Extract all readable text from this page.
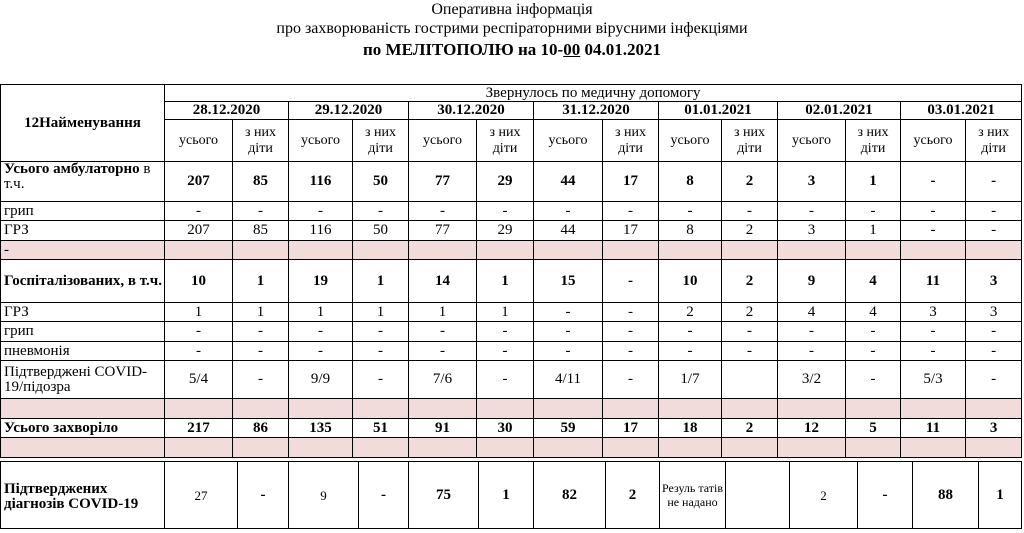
Оперативна інформація
про захворюваність гострими респіраторними вірусними інфекціями
по МЕЛІТОПОЛЮ на 10-00 04.01.2021
12Найменування	Звернулось по медичну допомогу													
	28.12.2020		29.12.2020		30.12.2020		31.12.2020		01.01.2021		02.01.2021		03.01.2021	
	усього	з них діти	усього	з них діти	усього	з них діти	усього	з них діти	усього	з них діти	усього	з них діти	усього	з них діти
Усього амбулаторно в т.ч.	207	85	116	50	77	29	44	17	8	2	3	1	-	-
грип	-	-	-	-	-	-	-	-	-	-	-	-	-	-
ГРЗ	207	85	116	50	77	29	44	17	8	2	3	1	-	-
-														
Госпіталізованих, в т.ч.	10	1	19	1	14	1	15	-	10	2	9	4	11	3
ГРЗ	1	1	1	1	1	1	-	-	2	2	4	4	3	3
грип	-	-	-	-	-	-	-	-	-	-	-	-	-	-
пневмонія	-	-	-	-	-	-	-	-	-	-	-	-	-	-
Підтверджені COVID-19/підозра	5/4	-	9/9	-	7/6	-	4/11	-	1/7		3/2	-	5/3	-

Усього захворіло	217	86	135	51	91	30	59	17	18	2	12	5	11	3

Підтверджених діагнозів COVID-19	27	-	9	-	75	1	82	2	Резуль татів не надано		2	-	88	1
